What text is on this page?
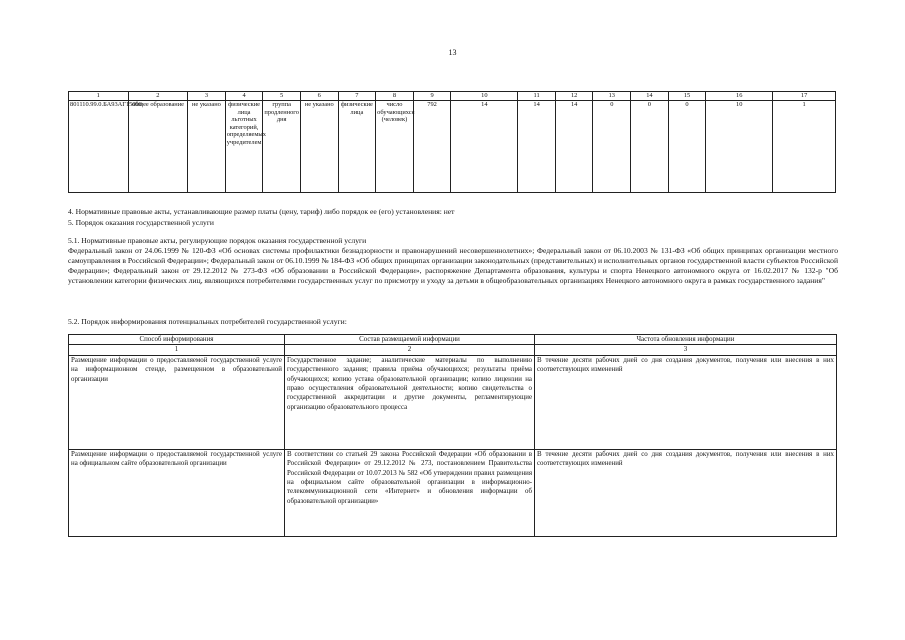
13
1	2	3	4	5	6	7	8	9	10	11	12	13	14	15	16	17
801110.99.0.БА93АГ15000	общее образование	не указано	физические лица льготных категорий, определяемых учредителем	группа продленного дня	не указано	физические лица	число обучающихся (человек)	792	14	14	14	0	0	0	10	1
4. Нормативные правовые акты, устанавливающие размер платы (цену, тариф) либо порядок ее (его) установления: нет
5. Порядок оказания государственной услуги
5.1. Нормативные правовые акты, регулирующие порядок оказания государственной услуги
Федеральный закон от 24.06.1999 № 120-ФЗ «Об основах системы профилактики безнадзорности и правонарушений несовершеннолетних»; Федеральный закон от 06.10.2003 № 131-ФЗ «Об общих принципах организации местного самоуправления в Российской Федерации»; Федеральный закон от 06.10.1999 № 184-ФЗ «Об общих принципах организации законодательных (представительных) и исполнительных органов государственной власти субъектов Российской Федерации»; Федеральный закон от 29.12.2012 № 273-ФЗ «Об образовании в Российской Федерации», распоряжение Департамента образования, культуры и спорта Ненецкого автономного округа от 16.02.2017 № 132-р "Об установлении категории физических лиц, являющихся потребителями государственных услуг по присмотру и уходу за детьми в общеобразовательных организациях Ненецкого автономного округа в рамках государственного задания"
5.2. Порядок информирования потенциальных потребителей государственной услуги:
Способ информирования	Состав размещаемой информации	Частота обновления информации
1	2	3
Размещение информации о предоставляемой государственной услуге на информационном стенде, размещенном в образовательной организации	Государственное задание; аналитические материалы по выполнению государственного задания; правила приёма обучающихся; результаты приёма обучающихся; копию устава образовательной организации; копию лицензии на право осуществления образовательной деятельности; копию свидетельства о государственной аккредитации и другие документы, регламентирующие организацию образовательного процесса	В течение десяти рабочих дней со дня создания документов, получения или внесения в них соответствующих изменений
Размещение информации о предоставляемой государственной услуге на официальном сайте образовательной организации	В соответствии со статьей 29 закона Российской Федерации «Об образовании в Российской Федерации» от 29.12.2012 № 273, постановлением Правительства Российской Федерации от 10.07.2013 № 582 «Об утверждении правил размещения на официальном сайте образовательной организации в информационно-телекоммуникационной сети «Интернет» и обновления информации об образовательной организации»	В течение десяти рабочих дней со дня создания документов, получения или внесения в них соответствующих изменений
